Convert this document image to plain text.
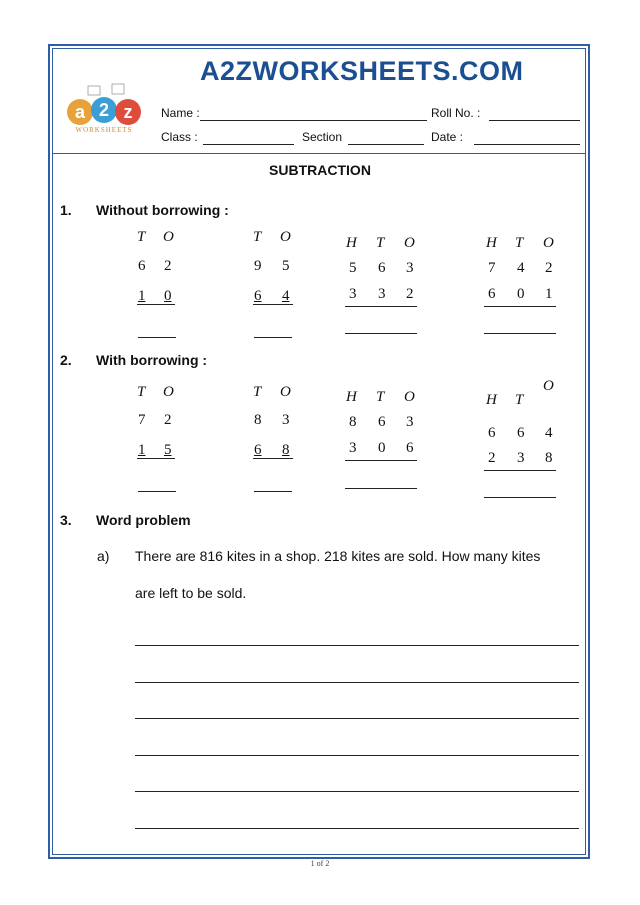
A2ZWORKSHEETS.COM
a 2 z
WORKSHEETS
Name :	Roll No. :
Class :	Section	Date :
SUBTRACTION
1. Without borrowing :
T O
6 2
1 0
T O
9 5
6 4
H T O
5 6 3
3 3 2
H T O
7 4 2
6 0 1
2. With borrowing :
T O
7 2
1 5
T O
8 3
6 8
H T O
8 6 3
3 0 6
H T
O
6 6 4
2 3 8
3. Word problem
a) There are 816 kites in a shop. 218 kites are sold. How many kites
are left to be sold.
1 of 2
